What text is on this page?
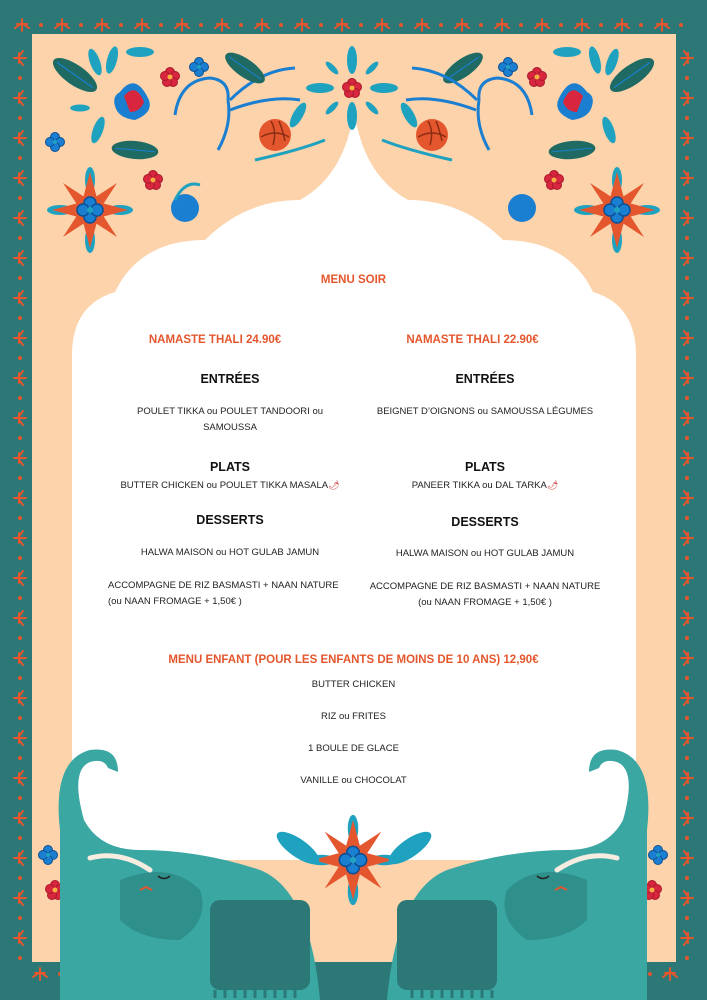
MENU SOIR
NAMASTE THALI 24.90€
ENTRÉES
POULET TIKKA ou POULET TANDOORI ou SAMOUSSA
PLATS
BUTTER CHICKEN ou POULET TIKKA MASALA🌶
DESSERTS
HALWA MAISON ou HOT GULAB JAMUN
ACCOMPAGNE DE RIZ BASMASTI + NAAN NATURE
(ou NAAN FROMAGE + 1,50€ )
NAMASTE THALI 22.90€
ENTRÉES
BEIGNET D’OIGNONS ou SAMOUSSA LÉGUMES
PLATS
PANEER TIKKA ou DAL TARKA🌶
DESSERTS
HALWA MAISON ou HOT GULAB JAMUN
ACCOMPAGNE DE RIZ BASMASTI + NAAN NATURE
(ou NAAN FROMAGE + 1,50€ )
MENU ENFANT (POUR LES ENFANTS DE MOINS DE 10 ANS) 12,90€
BUTTER CHICKEN
RIZ ou FRITES
1 BOULE DE GLACE
VANILLE ou CHOCOLAT
